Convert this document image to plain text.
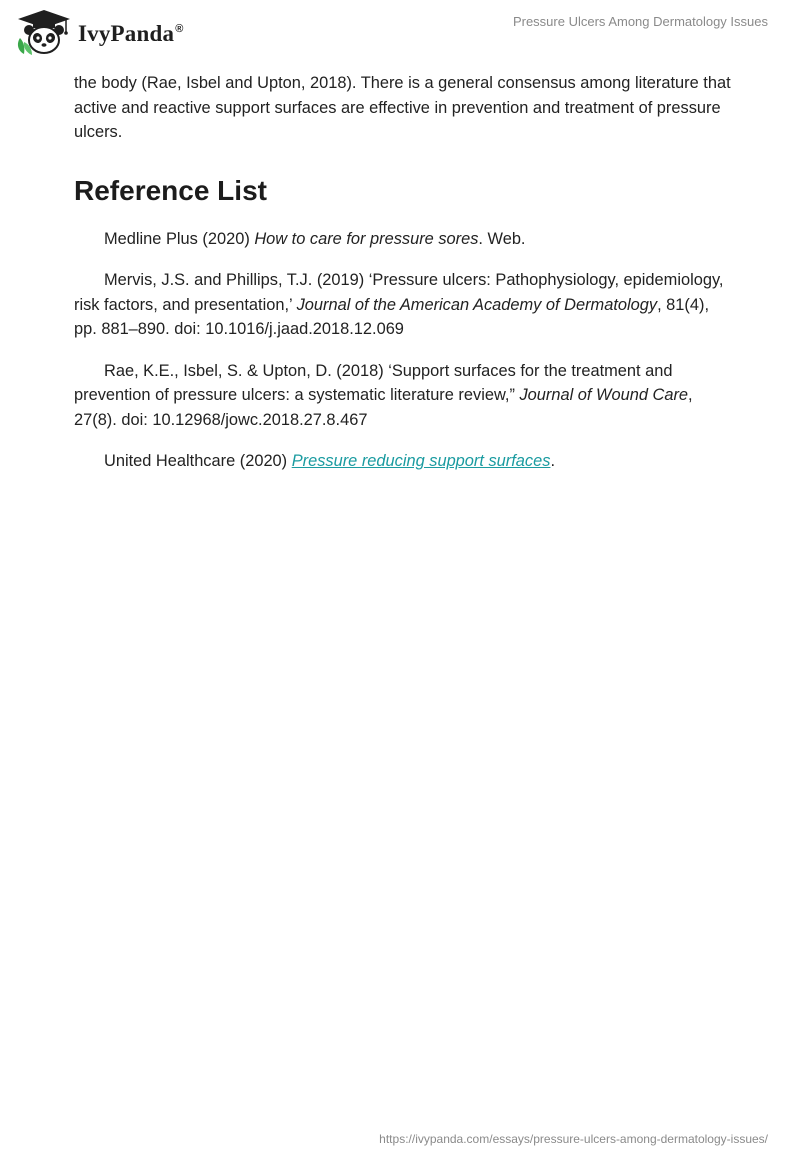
IvyPanda®
Pressure Ulcers Among Dermatology Issues

the body (Rae, Isbel and Upton, 2018). There is a general consensus among literature that active and reactive support surfaces are effective in prevention and treatment of pressure ulcers.

Reference List

Medline Plus (2020) How to care for pressure sores. Web.

Mervis, J.S. and Phillips, T.J. (2019) ‘Pressure ulcers: Pathophysiology, epidemiology, risk factors, and presentation,’ Journal of the American Academy of Dermatology, 81(4), pp. 881–890. doi: 10.1016/j.jaad.2018.12.069

Rae, K.E., Isbel, S. & Upton, D. (2018) ‘Support surfaces for the treatment and prevention of pressure ulcers: a systematic literature review,” Journal of Wound Care, 27(8). doi: 10.12968/jowc.2018.27.8.467

United Healthcare (2020) Pressure reducing support surfaces.

https://ivypanda.com/essays/pressure-ulcers-among-dermatology-issues/
